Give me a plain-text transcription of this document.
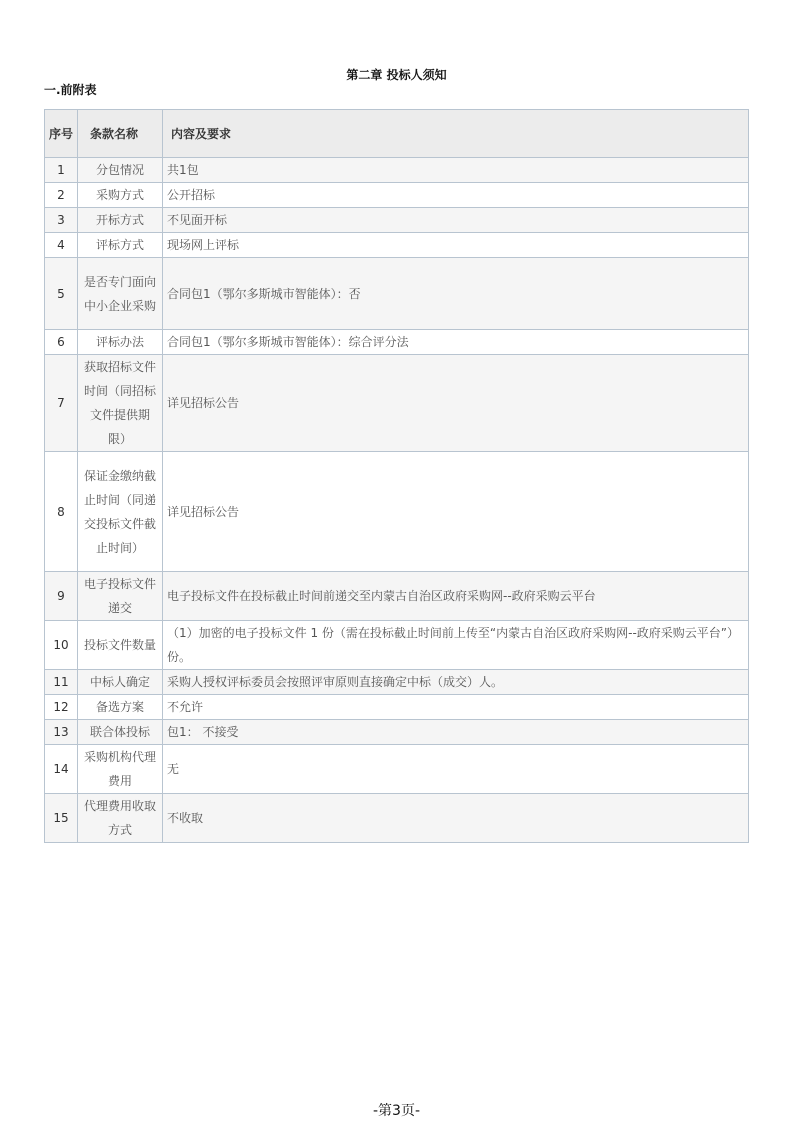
第二章 投标人须知
一.前附表
序号	条款名称	内容及要求
1	分包情况	共1包
2	采购方式	公开招标
3	开标方式	不见面开标
4	评标方式	现场网上评标
5	是否专门面向中小企业采购	合同包1（鄂尔多斯城市智能体）：否
6	评标办法	合同包1（鄂尔多斯城市智能体）：综合评分法
7	获取招标文件时间（同招标文件提供期限）	详见招标公告
8	保证金缴纳截止时间（同递交投标文件截止时间）	详见招标公告
9	电子投标文件递交	电子投标文件在投标截止时间前递交至内蒙古自治区政府采购网--政府采购云平台
10	投标文件数量	（1）加密的电子投标文件 1 份（需在投标截止时间前上传至“内蒙古自治区政府采购网--政府采购云平台”） 份。
11	中标人确定	采购人授权评标委员会按照评审原则直接确定中标（成交）人。
12	备选方案	不允许
13	联合体投标	包1： 不接受
14	采购机构代理费用	无
15	代理费用收取方式	不收取
-第3页-
